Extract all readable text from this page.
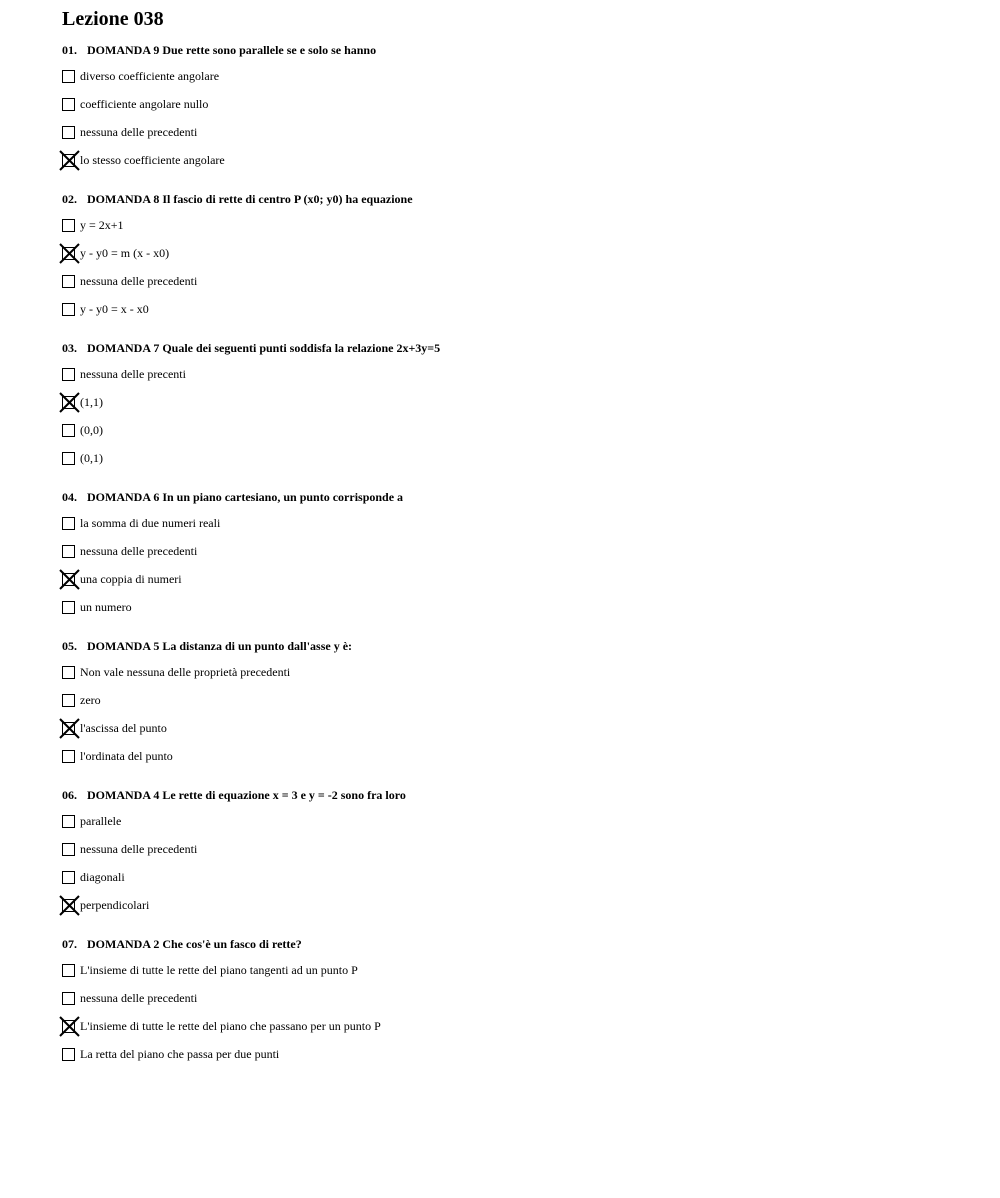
Lezione 038
01. DOMANDA 9 Due rette sono parallele se e solo se hanno
diverso coefficiente angolare
coefficiente angolare nullo
nessuna delle precedenti
lo stesso coefficiente angolare
02. DOMANDA 8 Il fascio di rette di centro P (x0; y0) ha equazione
y = 2x+1
y - y0 = m (x - x0)
nessuna delle precedenti
y - y0 = x - x0
03. DOMANDA 7 Quale dei seguenti punti soddisfa la relazione 2x+3y=5
nessuna delle precenti
(1,1)
(0,0)
(0,1)
04. DOMANDA 6 In un piano cartesiano, un punto corrisponde a
la somma di due numeri reali
nessuna delle precedenti
una coppia di numeri
un numero
05. DOMANDA 5 La distanza di un punto dall'asse y è:
Non vale nessuna delle proprietà precedenti
zero
l'ascissa del punto
l'ordinata del punto
06. DOMANDA 4 Le rette di equazione x = 3 e y = -2 sono fra loro
parallele
nessuna delle precedenti
diagonali
perpendicolari
07. DOMANDA 2 Che cos'è un fasco di rette?
L'insieme di tutte le rette del piano tangenti ad un punto P
nessuna delle precedenti
L'insieme di tutte le rette del piano che passano per un punto P
La retta del piano che passa per due punti
